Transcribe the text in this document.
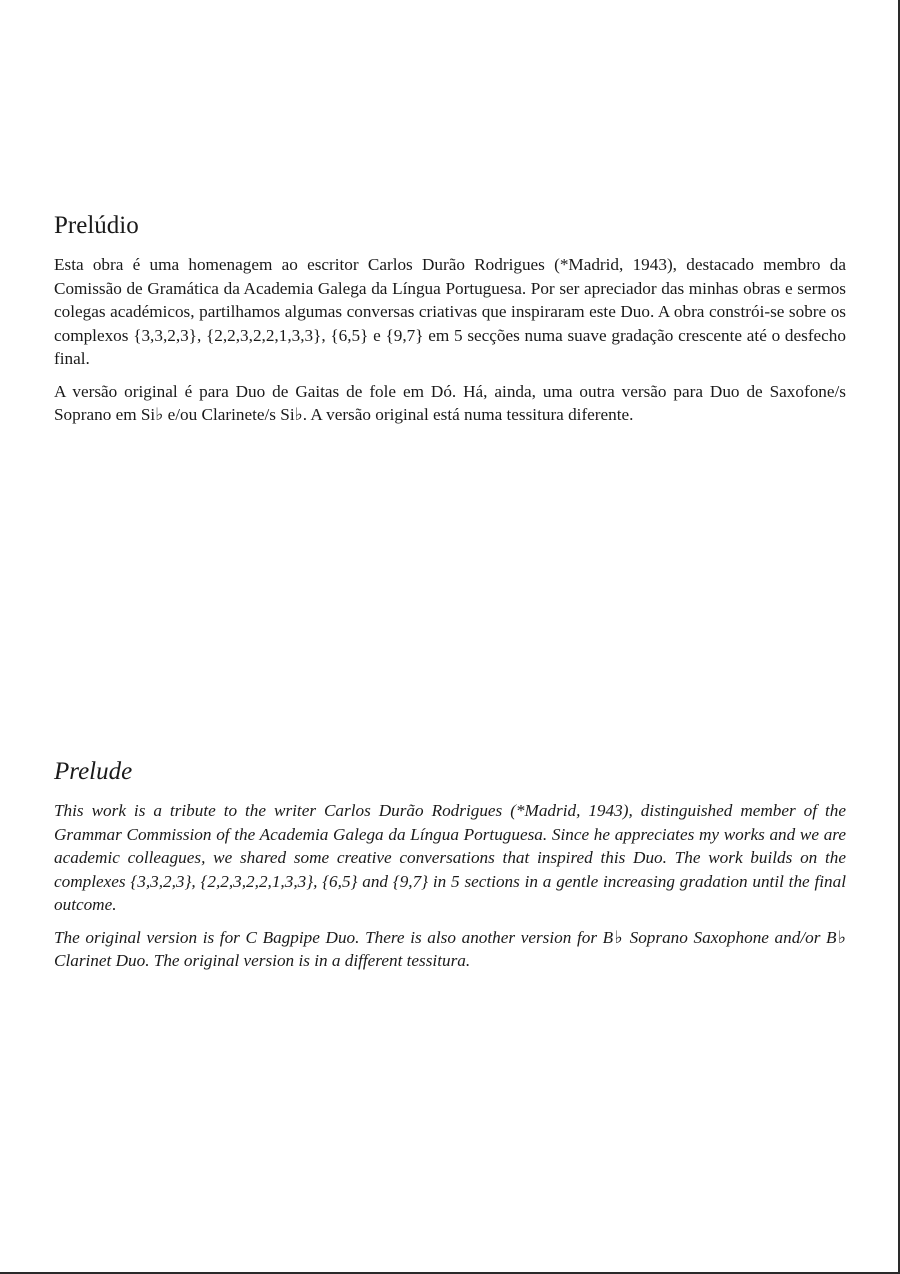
Prelúdio

Esta obra é uma homenagem ao escritor Carlos Durão Rodrigues (*Madrid, 1943), destacado membro da Comissão de Gramática da Academia Galega da Língua Portuguesa. Por ser apreciador das minhas obras e sermos colegas académicos, partilhamos algumas conversas criativas que inspiraram este Duo. A obra constrói-se sobre os complexos {3,3,2,3}, {2,2,3,2,2,1,3,3}, {6,5} e {9,7} em 5 secções numa suave gradação crescente até o desfecho final.

A versão original é para Duo de Gaitas de fole em Dó. Há, ainda, uma outra versão para Duo de Saxofone/s Soprano em Si♭ e/ou Clarinete/s Si♭. A versão original está numa tessitura diferente.

Prelude

This work is a tribute to the writer Carlos Durão Rodrigues (*Madrid, 1943), distinguished member of the Grammar Commission of the Academia Galega da Língua Portuguesa. Since he appreciates my works and we are academic colleagues, we shared some creative conversations that inspired this Duo. The work builds on the complexes {3,3,2,3}, {2,2,3,2,2,1,3,3}, {6,5} and {9,7} in 5 sections in a gentle increasing gradation until the final outcome.

The original version is for C Bagpipe Duo. There is also another version for B♭ Soprano Saxophone and/or B♭ Clarinet Duo. The original version is in a different tessitura.
